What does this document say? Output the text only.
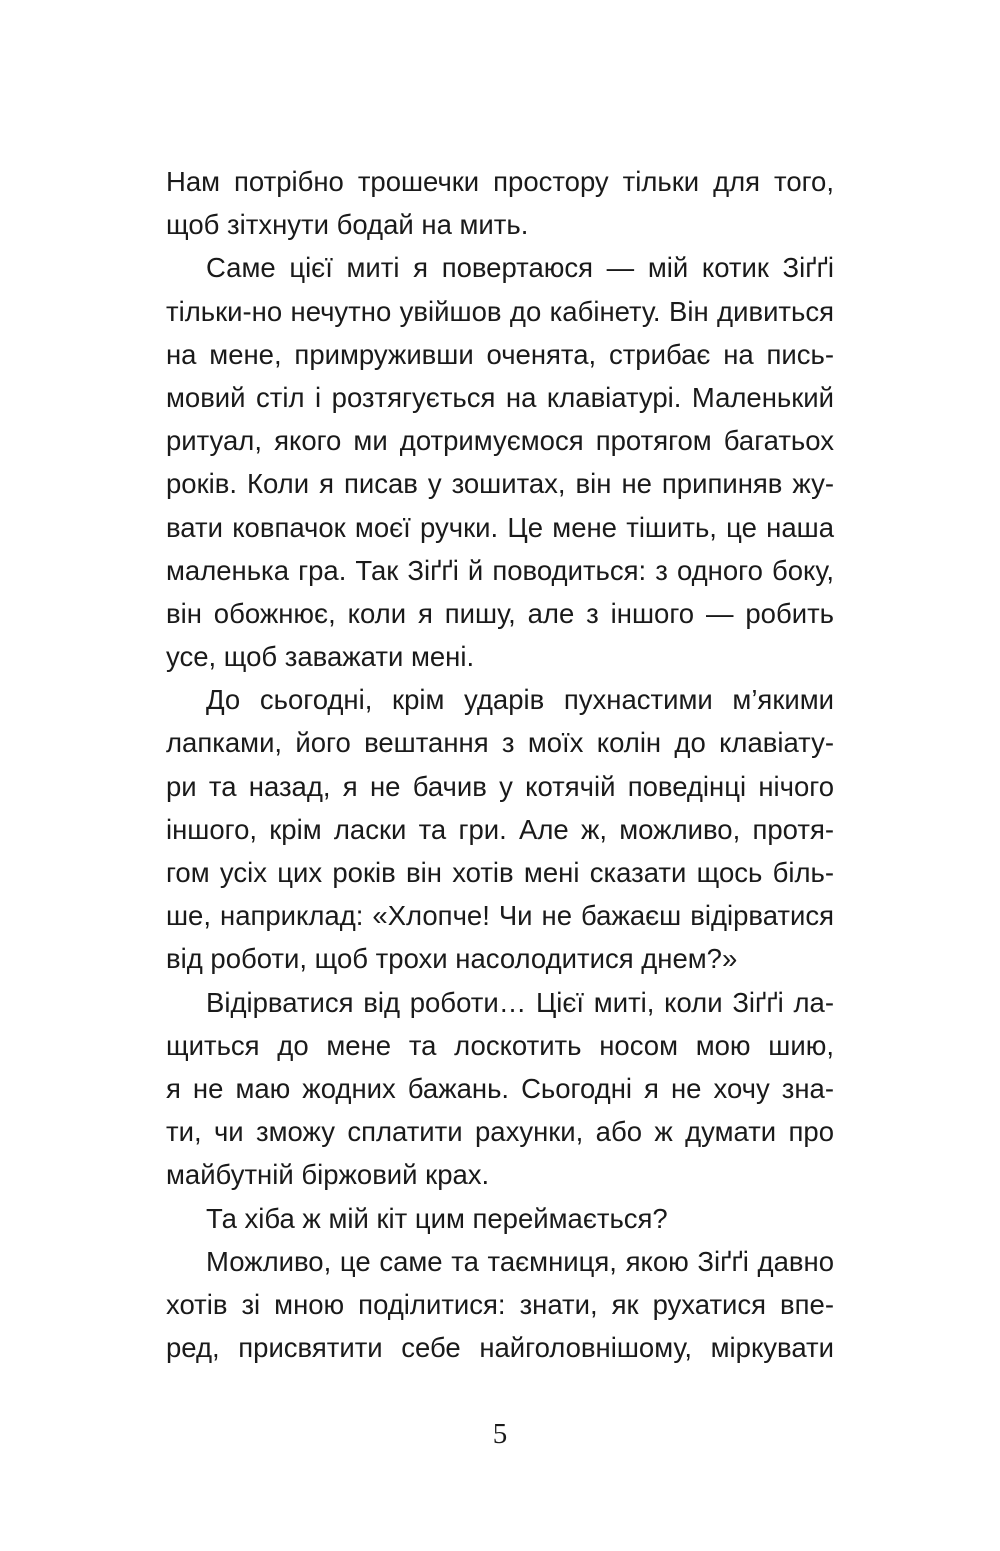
Нам потрібно трошечки простору тільки для того,
щоб зітхнути бодай на мить.
Саме цієї миті я повертаюся — мій котик Зіґґі
тільки-но нечутно увійшов до кабінету. Він дивиться
на мене, примруживши оченята, стрибає на пись-
мовий стіл і розтягується на клавіатурі. Маленький
ритуал, якого ми дотримуємося протягом багатьох
років. Коли я писав у зошитах, він не припиняв жу-
вати ковпачок моєї ручки. Це мене тішить, це наша
маленька гра. Так Зіґґі й поводиться: з одного боку,
він обожнює, коли я пишу, але з іншого — робить
усе, щоб заважати мені.
До сьогодні, крім ударів пухнастими м’якими
лапками, його вештання з моїх колін до клавіату-
ри та назад, я не бачив у котячій поведінці нічого
іншого, крім ласки та гри. Але ж, можливо, протя-
гом усіх цих років він хотів мені сказати щось біль-
ше, наприклад: «Хлопче! Чи не бажаєш відірватися
від роботи, щоб трохи насолодитися днем?»
Відірватися від роботи… Цієї миті, коли Зіґґі ла-
щиться до мене та лоскотить носом мою шию,
я не маю жодних бажань. Сьогодні я не хочу зна-
ти, чи зможу сплатити рахунки, або ж думати про
майбутній біржовий крах.
Та хіба ж мій кіт цим переймається?
Можливо, це саме та таємниця, якою Зіґґі давно
хотів зі мною поділитися: знати, як рухатися впе-
ред, присвятити себе найголовнішому, міркувати
5
